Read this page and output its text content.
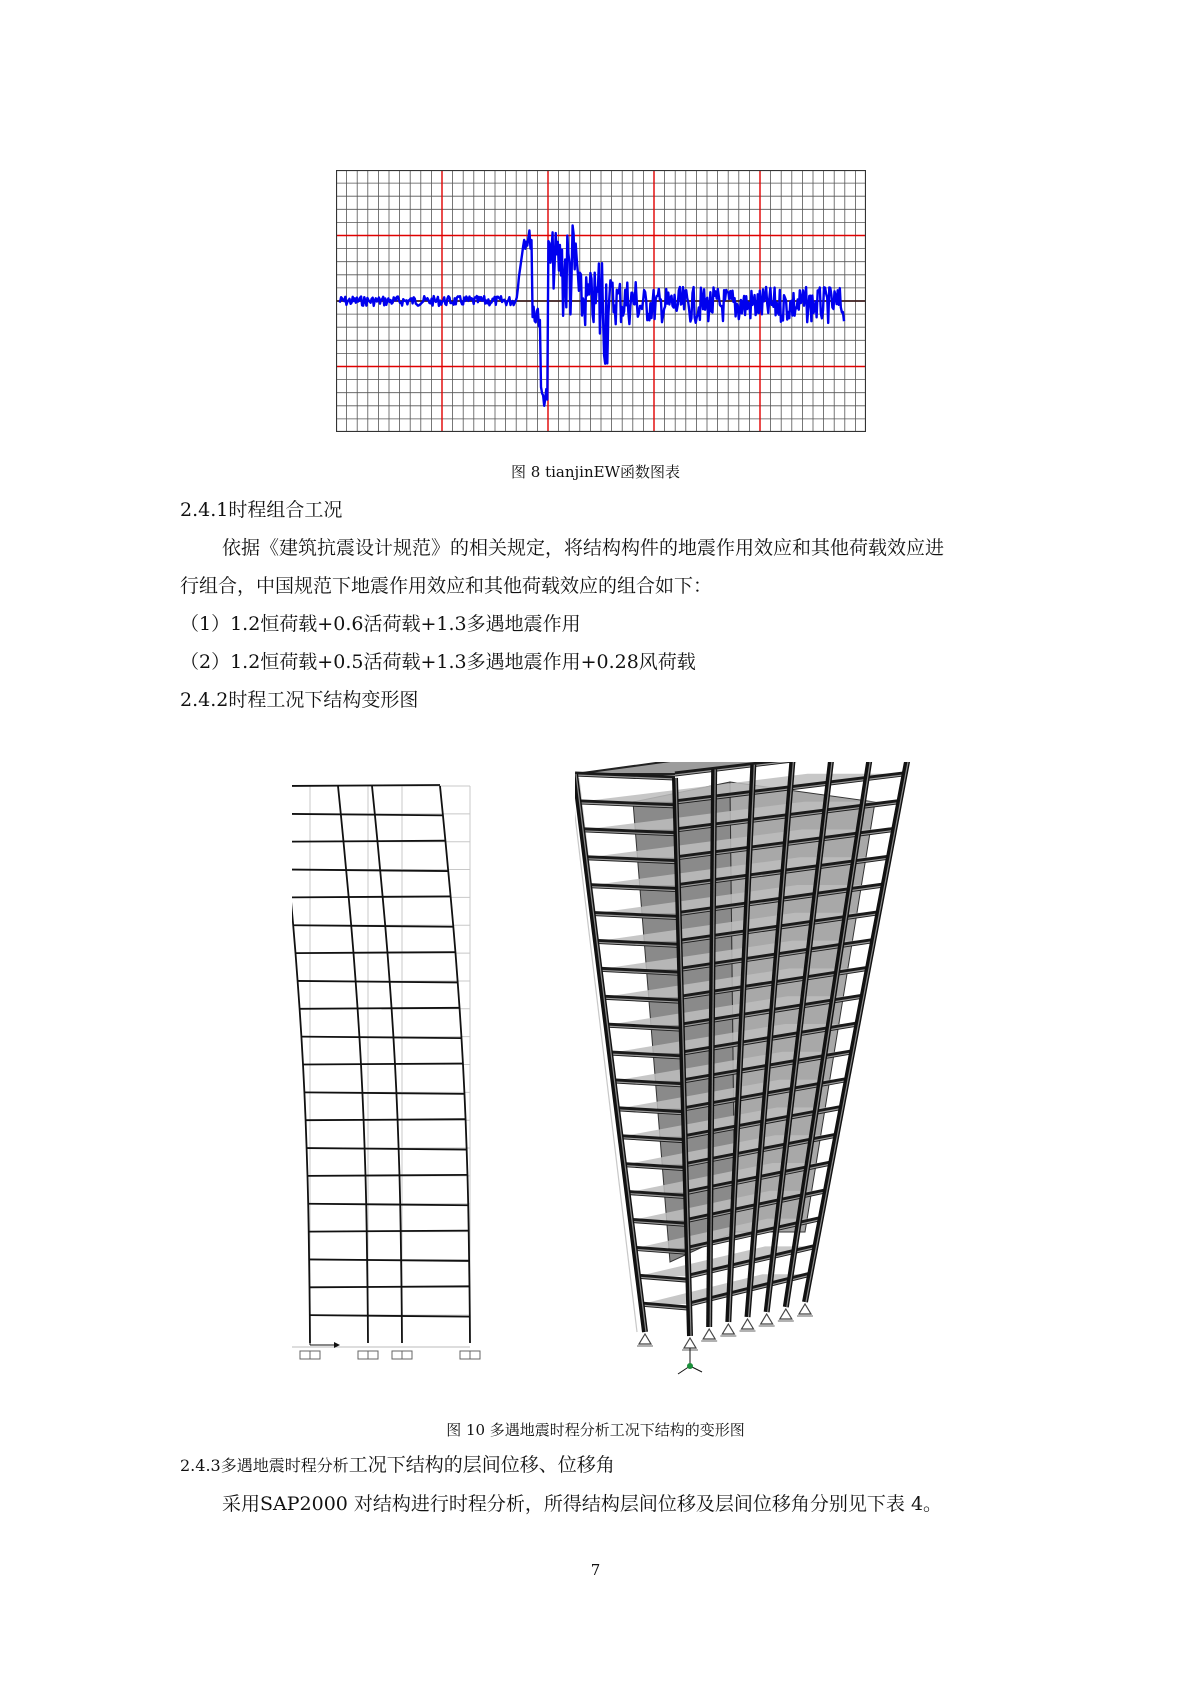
图 8 tianjinEW函数图表
2.4.1时程组合工况
依据《建筑抗震设计规范》的相关规定，将结构构件的地震作用效应和其他荷载效应进
行组合，中国规范下地震作用效应和其他荷载效应的组合如下：
（1）1.2恒荷载+0.6活荷载+1.3多遇地震作用
（2）1.2恒荷载+0.5活荷载+1.3多遇地震作用+0.28风荷载
2.4.2时程工况下结构变形图
图 10 多遇地震时程分析工况下结构的变形图
2.4.3多遇地震时程分析工况下结构的层间位移、位移角
采用SAP2000 对结构进行时程分析，所得结构层间位移及层间位移角分别见下表 4。
7
